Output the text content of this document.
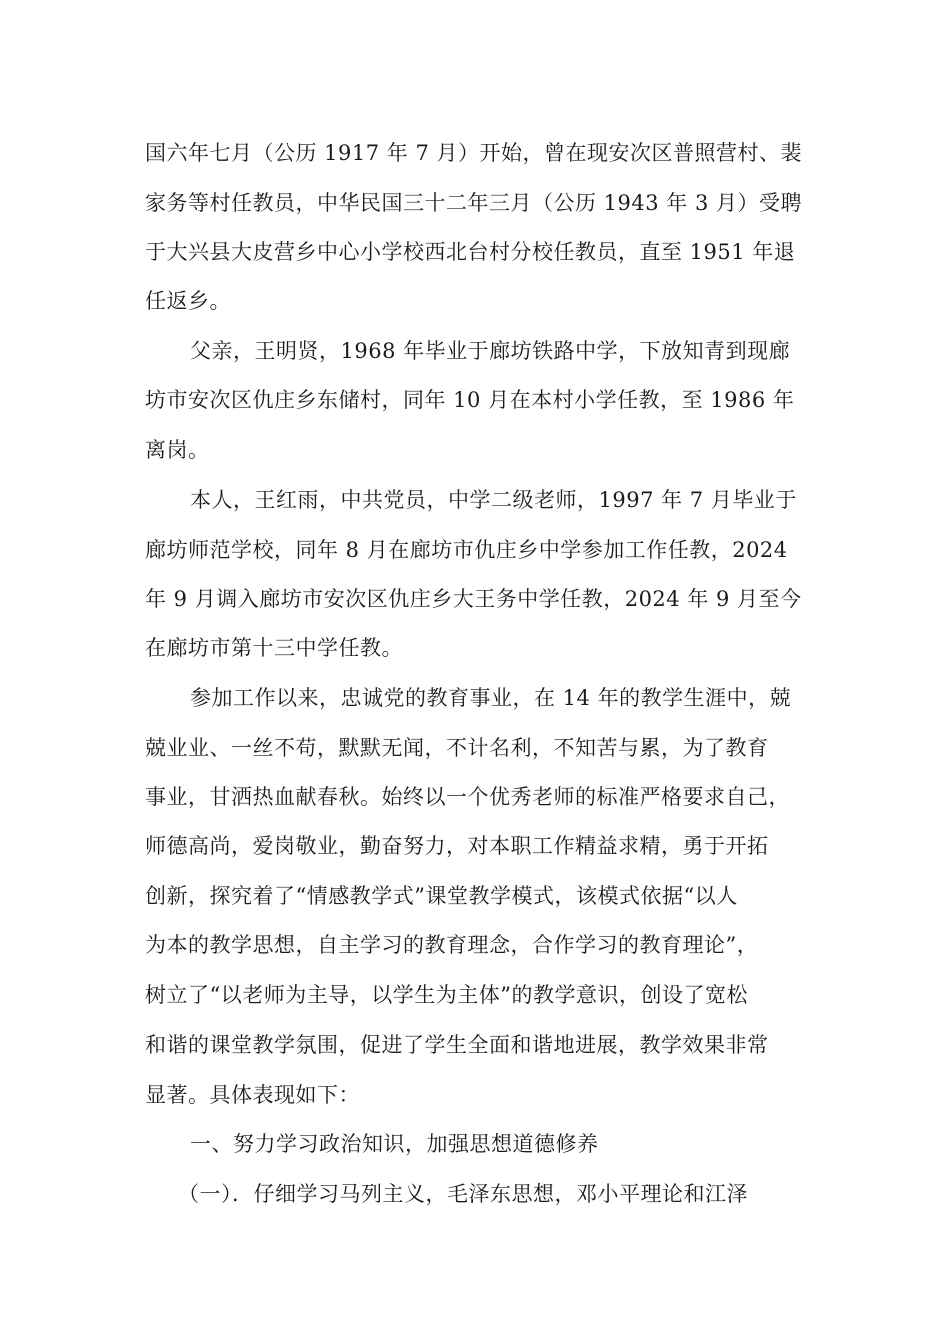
国六年七月（公历 1917 年 7 月）开始，曾在现安次区普照营村、裴
家务等村任教员，中华民国三十二年三月（公历 1943 年 3 月）受聘
于大兴县大皮营乡中心小学校西北台村分校任教员，直至 1951 年退
任返乡。
父亲，王明贤，1968 年毕业于廊坊铁路中学，下放知青到现廊
坊市安次区仇庄乡东储村，同年 10 月在本村小学任教，至 1986 年
离岗。
本人，王红雨，中共党员，中学二级老师，1997 年 7 月毕业于
廊坊师范学校，同年 8 月在廊坊市仇庄乡中学参加工作任教，2024
年 9 月调入廊坊市安次区仇庄乡大王务中学任教，2024 年 9 月至今
在廊坊市第十三中学任教。
参加工作以来，忠诚党的教育事业，在 14 年的教学生涯中，兢
兢业业、一丝不苟，默默无闻，不计名利，不知苦与累，为了教育
事业，甘洒热血献春秋。始终以一个优秀老师的标准严格要求自己，
师德高尚，爱岗敬业，勤奋努力，对本职工作精益求精，勇于开拓
创新，探究着了“情感教学式”课堂教学模式，该模式依据“以人
为本的教学思想，自主学习的教育理念，合作学习的教育理论”，
树立了“以老师为主导，以学生为主体”的教学意识，创设了宽松
和谐的课堂教学氛围，促进了学生全面和谐地进展，教学效果非常
显著。具体表现如下：
一、努力学习政治知识，加强思想道德修养
（一）．仔细学习马列主义，毛泽东思想，邓小平理论和江泽
